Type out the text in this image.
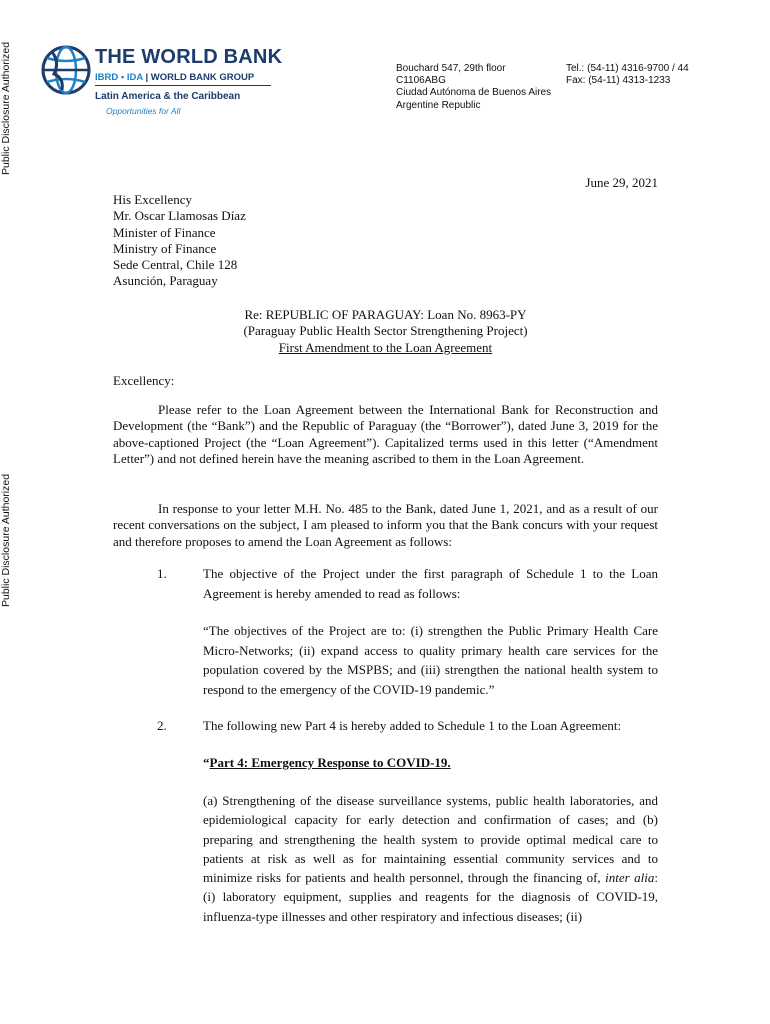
Public Disclosure Authorized
Public Disclosure Authorized
THE WORLD BANK
IBRD • IDA | WORLD BANK GROUP
Latin America & the Caribbean
Opportunities for All
Bouchard 547, 29th floor
C1106ABG
Ciudad Autónoma de Buenos Aires
Argentine Republic
Tel.: (54-11) 4316-9700 / 44
Fax: (54-11) 4313-1233
June 29, 2021
His Excellency
Mr. Oscar Llamosas Díaz
Minister of Finance
Ministry of Finance
Sede Central, Chile 128
Asunción, Paraguay
Re: REPUBLIC OF PARAGUAY: Loan No. 8963-PY
(Paraguay Public Health Sector Strengthening Project)
First Amendment to the Loan Agreement
Excellency:

Please refer to the Loan Agreement between the International Bank for Reconstruction and Development (the “Bank”) and the Republic of Paraguay (the “Borrower”), dated June 3, 2019 for the above-captioned Project (the “Loan Agreement”). Capitalized terms used in this letter (“Amendment Letter”) and not defined herein have the meaning ascribed to them in the Loan Agreement.

In response to your letter M.H. No. 485 to the Bank, dated June 1, 2021, and as a result of our recent conversations on the subject, I am pleased to inform you that the Bank concurs with your request and therefore proposes to amend the Loan Agreement as follows:

1.	The objective of the Project under the first paragraph of Schedule 1 to the Loan Agreement is hereby amended to read as follows:

“The objectives of the Project are to: (i) strengthen the Public Primary Health Care Micro-Networks; (ii) expand access to quality primary health care services for the population covered by the MSPBS; and (iii) strengthen the national health system to respond to the emergency of the COVID-19 pandemic.”

2.	The following new Part 4 is hereby added to Schedule 1 to the Loan Agreement:

“Part 4: Emergency Response to COVID-19.

(a) Strengthening of the disease surveillance systems, public health laboratories, and epidemiological capacity for early detection and confirmation of cases; and (b) preparing and strengthening the health system to provide optimal medical care to patients at risk as well as for maintaining essential community services and to minimize risks for patients and health personnel, through the financing of, inter alia: (i) laboratory equipment, supplies and reagents for the diagnosis of COVID-19, influenza-type illnesses and other respiratory and infectious diseases; (ii)
